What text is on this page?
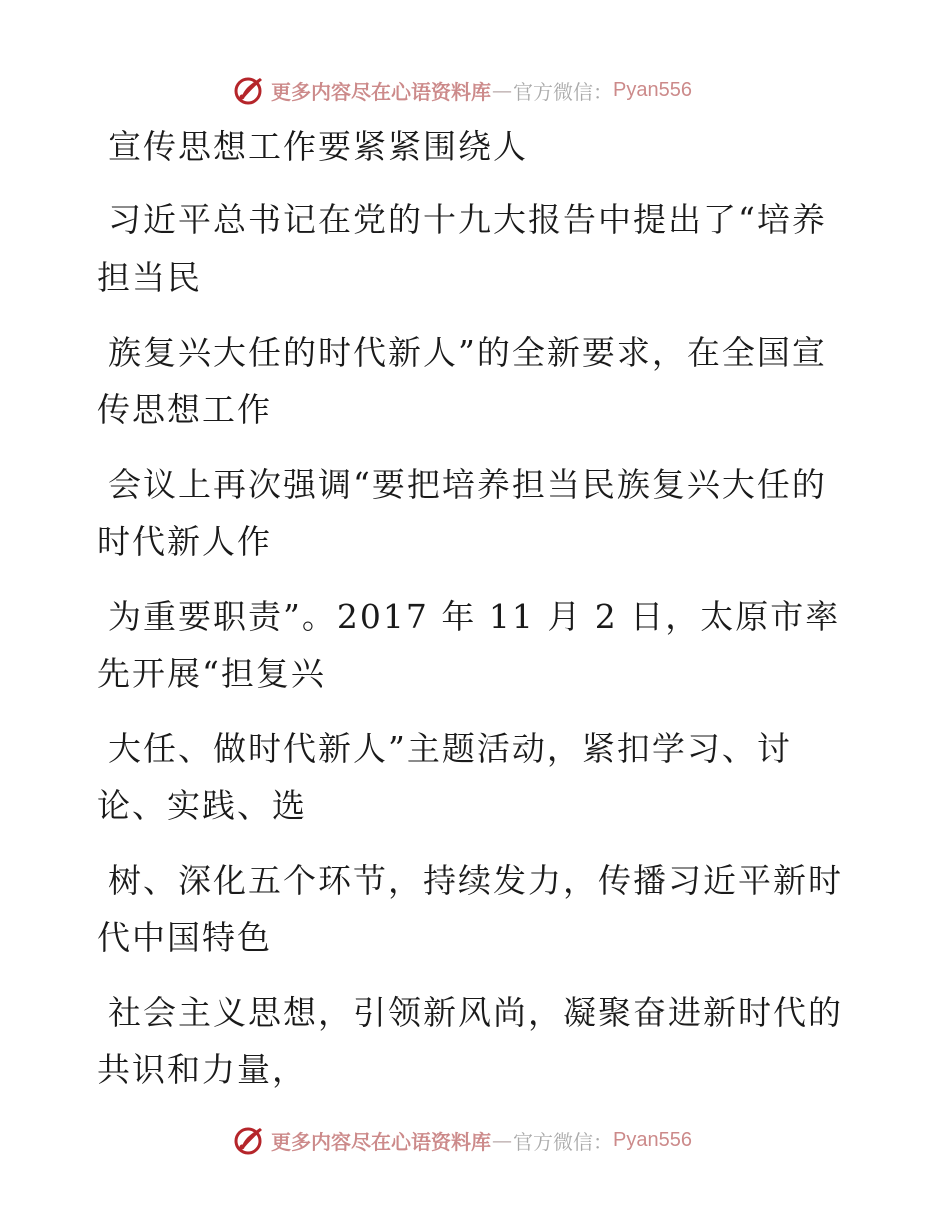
更多内容尽在心语资料库 — 官方微信： Pyan556
宣传思想工作要紧紧围绕人
习近平总书记在党的十九大报告中提出了“培养
担当民
族复兴大任的时代新人”的全新要求，在全国宣
传思想工作
会议上再次强调“要把培养担当民族复兴大任的
时代新人作
为重要职责”。2017 年 11 月 2 日，太原市率
先开展“担复兴
大任、做时代新人”主题活动，紧扣学习、讨
论、实践、选
树、深化五个环节，持续发力，传播习近平新时
代中国特色
社会主义思想，引领新风尚，凝聚奋进新时代的
共识和力量，
更多内容尽在心语资料库 — 官方微信： Pyan556
